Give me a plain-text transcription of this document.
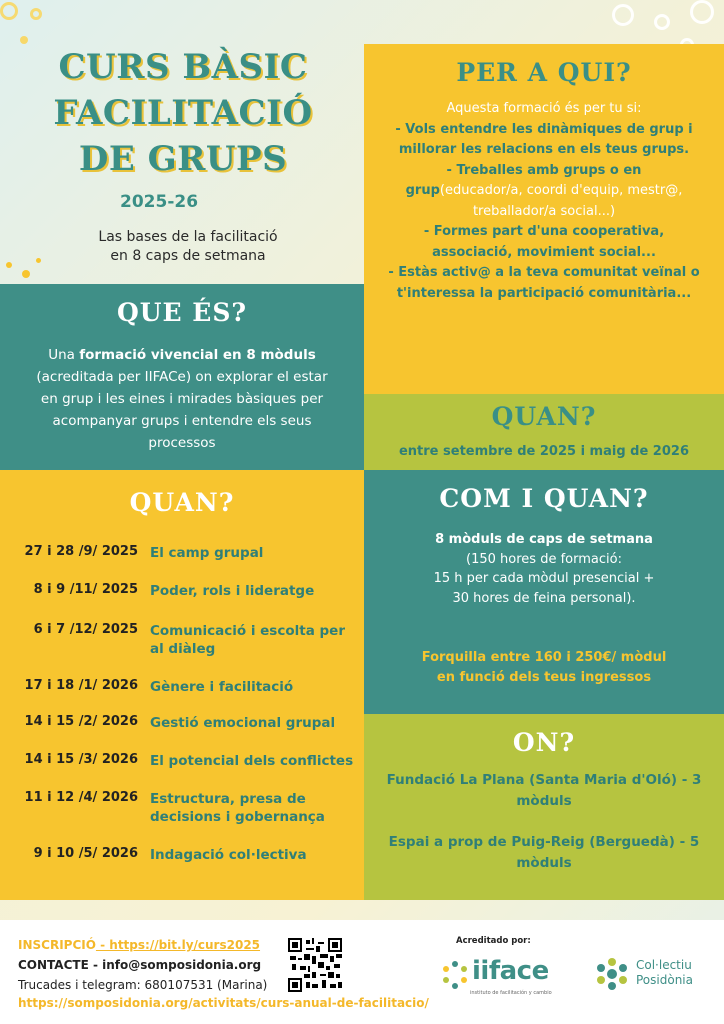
CURS BÀSIC
FACILITACIÓ
DE GRUPS
2025-26
Las bases de la facilitació
en 8 caps de setmana
QUE ÉS?

Una formació vivencial en 8 mòduls (acreditada per IIFACe) on explorar el estar en grup i les eines i mirades bàsiques per acompanyar grups i entendre els seus processos

QUAN?
27 i 28 /9/ 2025 El camp grupal
8 i 9 /11/ 2025 Poder, rols i lideratge
6 i 7 /12/ 2025 Comunicació i escolta per al diàleg
17 i 18 /1/ 2026 Gènere i facilitació
14 i 15 /2/ 2026 Gestió emocional grupal
14 i 15 /3/ 2026 El potencial dels conflictes
11 i 12 /4/ 2026 Estructura, presa de decisions i gobernança
9 i 10 /5/ 2026 Indagació col·lectiva
PER A QUI?
Aquesta formació és per tu si:
- Vols entendre les dinàmiques de grup i millorar les relacions en els teus grups.
- Treballes amb grups o en grup(educador/a, coordi d'equip, mestr@, treballador/a social...)
- Formes part d'una cooperativa, associació, movimient social...
- Estàs activ@ a la teva comunitat veïnal o t'interessa la participació comunitària...
QUAN?

entre setembre de 2025 i maig de 2026

COM I QUAN?
8 mòduls de caps de setmana
(150 hores de formació:
15 h per cada mòdul presencial +
30 hores de feina personal).
Forquilla entre 160 i 250€/ mòdul
en funció dels teus ingressos
ON?

Fundació La Plana (Santa Maria d'Oló) - 3 mòduls

Espai a prop de Puig-Reig (Berguedà) - 5 mòduls

INSCRIPCIÓ - https://bit.ly/curs2025
CONTACTE - info@somposidonia.org
Trucades i telegram: 680107531 (Marina)
https://somposidonia.org/activitats/curs-anual-de-facilitacio/
Acreditado por:
iiface
instituto de facilitación y cambio
Col·lectiu
Posidònia
